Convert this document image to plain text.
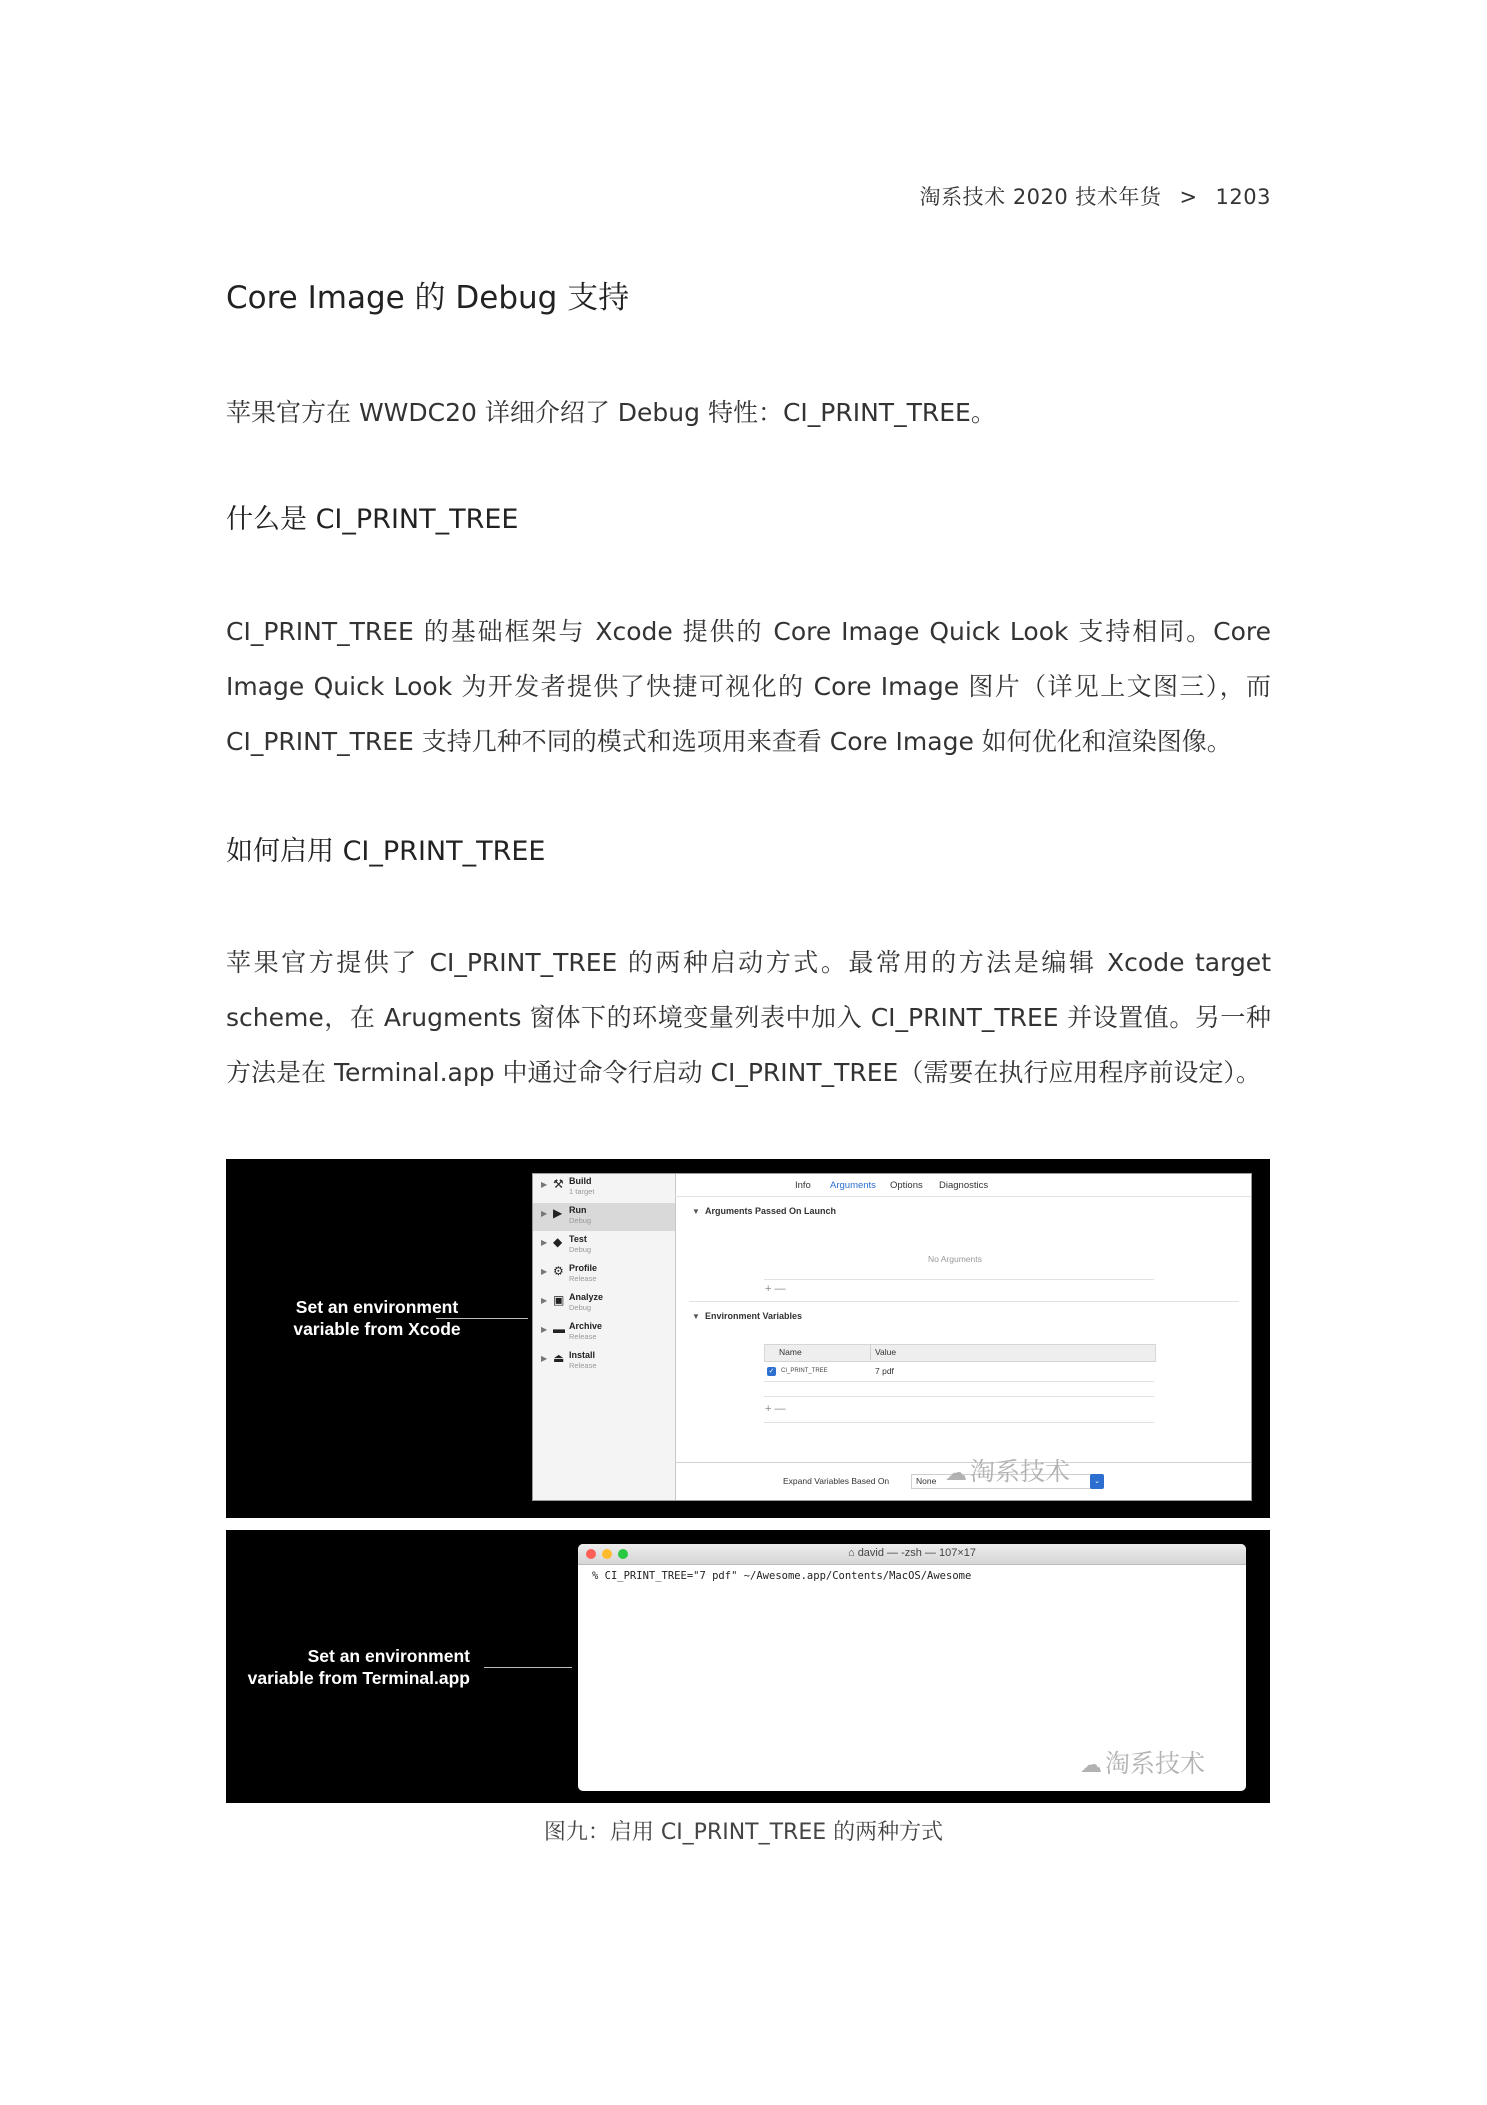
淘系技术 2020 技术年货 > 1203
Core Image 的 Debug 支持
苹果官方在 WWDC20 详细介绍了 Debug 特性：CI_PRINT_TREE。
什么是 CI_PRINT_TREE
CI_PRINT_TREE 的基础框架与 Xcode 提供的 Core Image Quick Look 支持相同。Core Image Quick Look 为开发者提供了快捷可视化的 Core Image 图片（详见上文图三），而 CI_PRINT_TREE 支持几种不同的模式和选项用来查看 Core Image 如何优化和渲染图像。
如何启用 CI_PRINT_TREE
苹果官方提供了 CI_PRINT_TREE 的两种启动方式。最常用的方法是编辑 Xcode target scheme，在 Arugments 窗体下的环境变量列表中加入 CI_PRINT_TREE 并设置值。另一种方法是在 Terminal.app 中通过命令行启动 CI_PRINT_TREE（需要在执行应用程序前设定）。
Set an environment
variable from Xcode
▶ ⚒ Build
1 target
▶ ▶ Run
Debug
▶ ◆ Test
Debug
▶ ⚙ Profile
Release
▶ ▣ Analyze
Debug
▶ ▬ Archive
Release
▶ ⏏ Install
Release
Info Arguments Options Diagnostics
▼ Arguments Passed On Launch
No Arguments
+ —
▼ Environment Variables
Name	Value
✓ CI_PRINT_TREE	7 pdf
+ —
Expand Variables Based On	None	⌄
☁ 淘系技术
Set an environment
variable from Terminal.app
⌂ david — -zsh — 107×17
% CI_PRINT_TREE="7 pdf" ~/Awesome.app/Contents/MacOS/Awesome
☁ 淘系技术
图九：启用 CI_PRINT_TREE 的两种方式
